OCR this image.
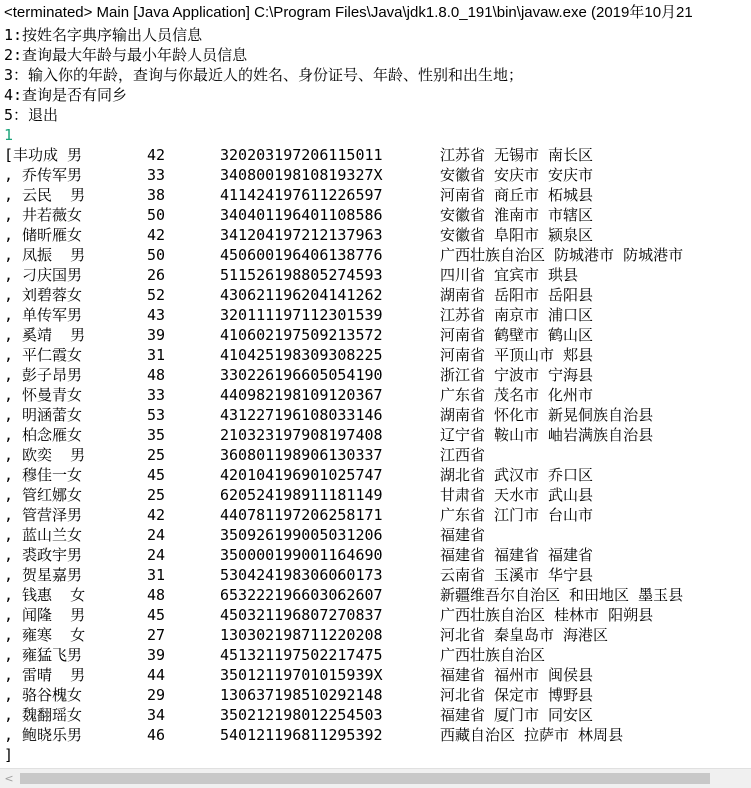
<terminated> Main [Java Application] C:\Program Files\Java\jdk1.8.0_191\bin\javaw.exe (2019年10月21
1:按姓名字典序输出人员信息
2:查询最大年龄与最小年龄人员信息
3：输入你的年龄，查询与你最近人的姓名、身份证号、年龄、性别和出生地；
4:查询是否有同乡
5：退出
1
[丰功成 男	42	320203197206115011	江苏省 无锡市 南长区
, 乔传军男	33	34080019810819327X	安徽省 安庆市 安庆市
, 云民  男	38	411424197611226597	河南省 商丘市 柘城县
, 井若薇女	50	340401196401108586	安徽省 淮南市 市辖区
, 储昕雁女	42	341204197212137963	安徽省 阜阳市 颍泉区
, 凤振  男	50	450600196406138776	广西壮族自治区 防城港市 防城港市
, 刁庆国男	26	511526198805274593	四川省 宜宾市 珙县
, 刘碧蓉女	52	430621196204141262	湖南省 岳阳市 岳阳县
, 单传军男	43	320111197112301539	江苏省 南京市 浦口区
, 奚靖  男	39	410602197509213572	河南省 鹤壁市 鹤山区
, 平仁霞女	31	410425198309308225	河南省 平顶山市 郏县
, 彭子昂男	48	330226196605054190	浙江省 宁波市 宁海县
, 怀曼青女	33	440982198109120367	广东省 茂名市 化州市
, 明涵蕾女	53	431227196108033146	湖南省 怀化市 新晃侗族自治县
, 柏念雁女	35	210323197908197408	辽宁省 鞍山市 岫岩满族自治县
, 欧奕  男	25	360801198906130337	江西省
, 穆佳一女	45	420104196901025747	湖北省 武汉市 乔口区
, 管红娜女	25	620524198911181149	甘肃省 天水市 武山县
, 管营泽男	42	440781197206258171	广东省 江门市 台山市
, 蓝山兰女	24	350926199005031206	福建省
, 裘政宇男	24	350000199001164690	福建省 福建省 福建省
, 贺星嘉男	31	530424198306060173	云南省 玉溪市 华宁县
, 钱惠  女	48	653222196603062607	新疆维吾尔自治区 和田地区 墨玉县
, 闻隆  男	45	450321196807270837	广西壮族自治区 桂林市 阳朔县
, 雍寒  女	27	130302198711220208	河北省 秦皇岛市 海港区
, 雍猛飞男	39	451321197502217475	广西壮族自治区
, 雷晴  男	44	35012119701015939X	福建省 福州市 闽侯县
, 骆谷槐女	29	130637198510292148	河北省 保定市 博野县
, 魏翻瑶女	34	350212198012254503	福建省 厦门市 同安区
, 鲍晓乐男	46	540121196811295392	西藏自治区 拉萨市 林周县
]
<
